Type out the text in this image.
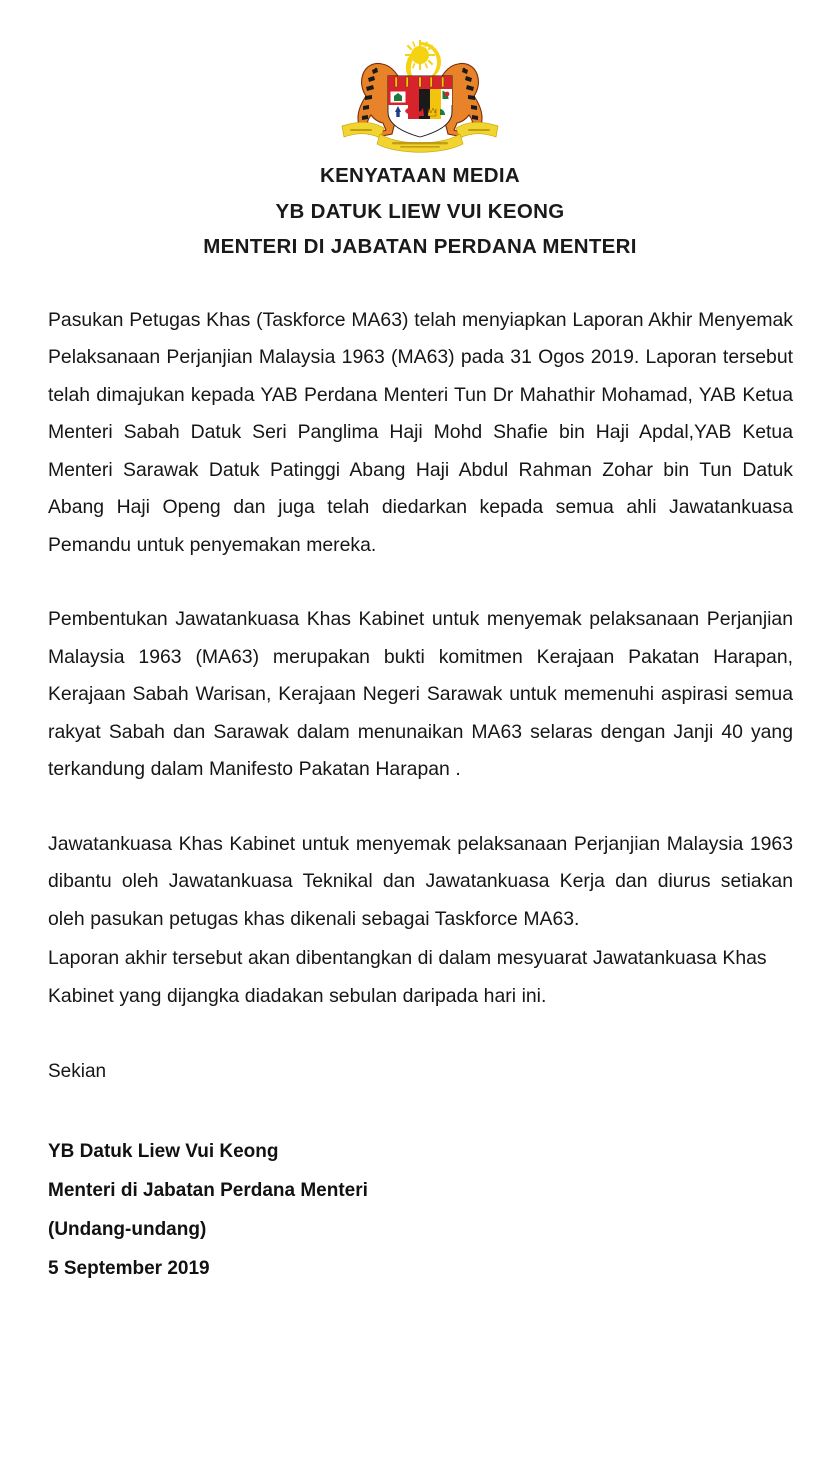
KENYATAAN MEDIA
YB DATUK LIEW VUI KEONG
MENTERI DI JABATAN PERDANA MENTERI

Pasukan Petugas Khas (Taskforce MA63) telah menyiapkan Laporan Akhir Menyemak Pelaksanaan Perjanjian Malaysia 1963 (MA63) pada 31 Ogos 2019. Laporan tersebut telah dimajukan kepada YAB Perdana Menteri Tun Dr Mahathir Mohamad, YAB Ketua Menteri Sabah Datuk Seri Panglima Haji Mohd Shafie bin Haji Apdal,YAB Ketua Menteri Sarawak Datuk Patinggi Abang Haji Abdul Rahman Zohar bin Tun Datuk Abang Haji Openg dan juga telah diedarkan kepada semua ahli Jawatankuasa Pemandu untuk penyemakan mereka.

Pembentukan Jawatankuasa Khas Kabinet untuk menyemak pelaksanaan Perjanjian Malaysia 1963 (MA63) merupakan bukti komitmen Kerajaan Pakatan Harapan, Kerajaan Sabah Warisan, Kerajaan Negeri Sarawak untuk memenuhi aspirasi semua rakyat Sabah dan Sarawak dalam menunaikan MA63 selaras dengan Janji 40 yang terkandung dalam Manifesto Pakatan Harapan .

Jawatankuasa Khas Kabinet untuk menyemak pelaksanaan Perjanjian Malaysia 1963 dibantu oleh Jawatankuasa Teknikal dan Jawatankuasa Kerja dan diurus setiakan oleh pasukan petugas khas dikenali sebagai Taskforce MA63.

Laporan akhir tersebut akan dibentangkan di dalam mesyuarat Jawatankuasa Khas Kabinet yang dijangka diadakan sebulan daripada hari ini.

Sekian
YB Datuk Liew Vui Keong
Menteri di Jabatan Perdana Menteri
(Undang-undang)
5 September 2019
